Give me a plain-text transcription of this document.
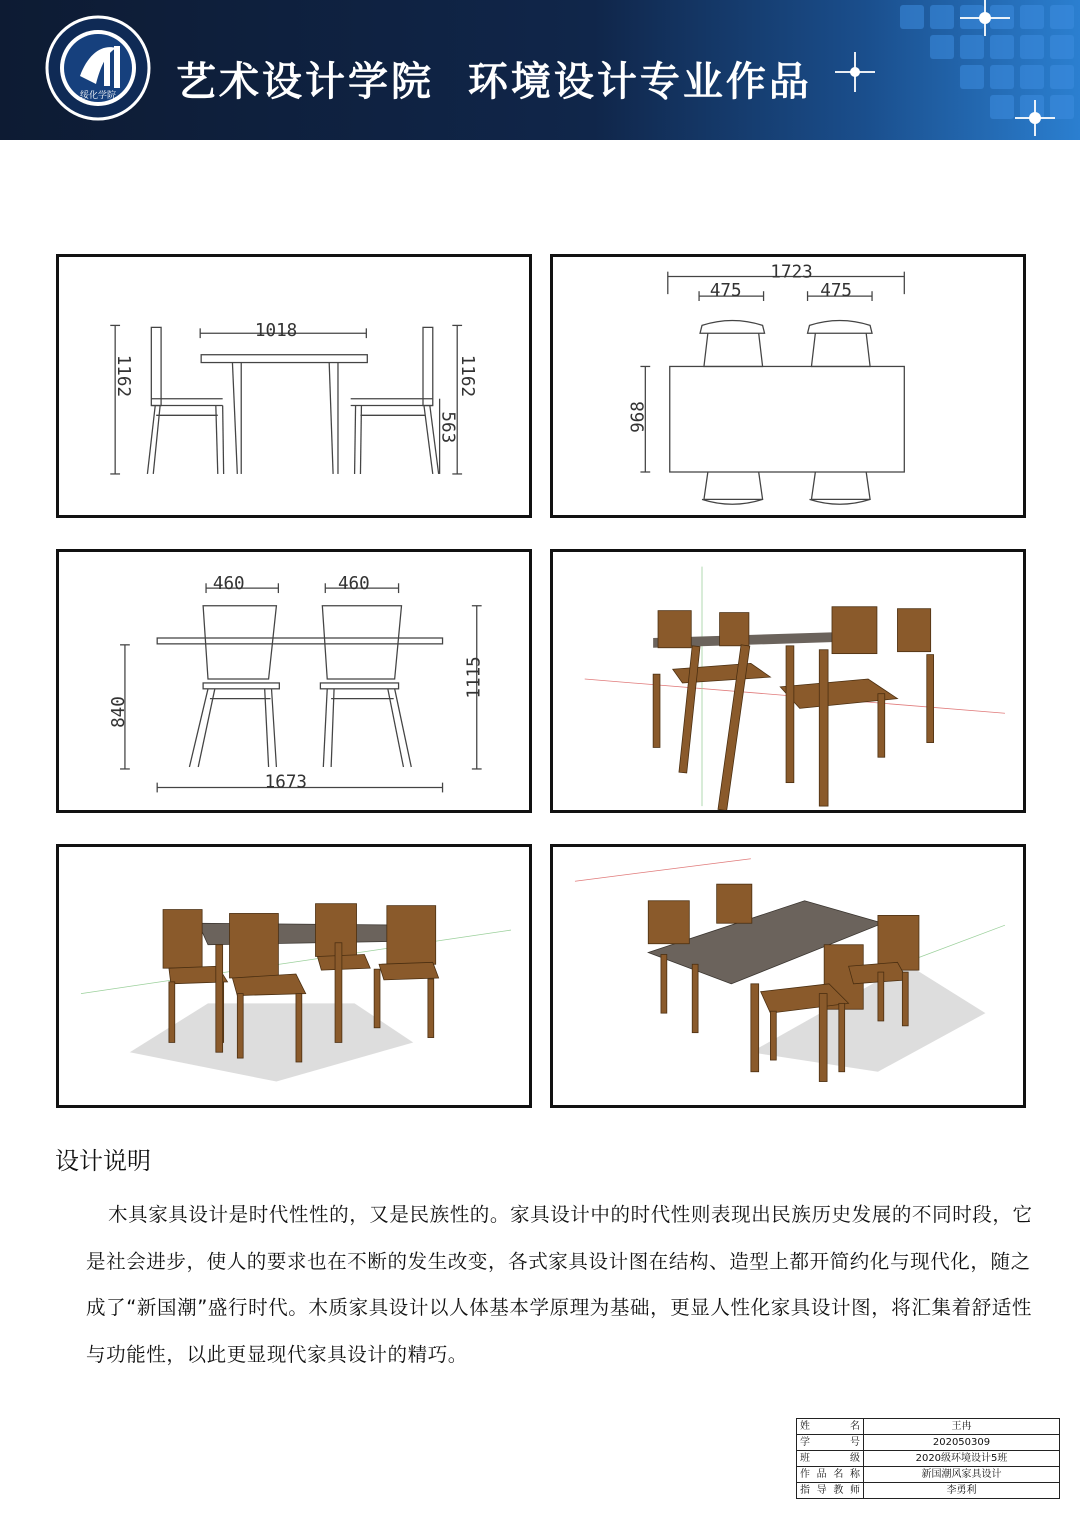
绥化学院 艺术设计学院  环境设计专业作品
1018
1162	1162
563
1723
475	475
968
460	460
1673
840
1115
设计说明
木具家具设计是时代性性的，又是民族性的。家具设计中的时代性则表现出民族历史发展的不同时段，它是社会进步，使人的要求也在不断的发生改变，各式家具设计图在结构、造型上都开简约化与现代化，随之成了“新国潮”盛行时代。木质家具设计以人体基本学原理为基础，更显人性化家具设计图，将汇集着舒适性与功能性，以此更显现代家具设计的精巧。
姓名	王冉
学号	202050309
班级	2020级环境设计5班
作品名称	新国潮风家具设计
指导教师	李勇利
